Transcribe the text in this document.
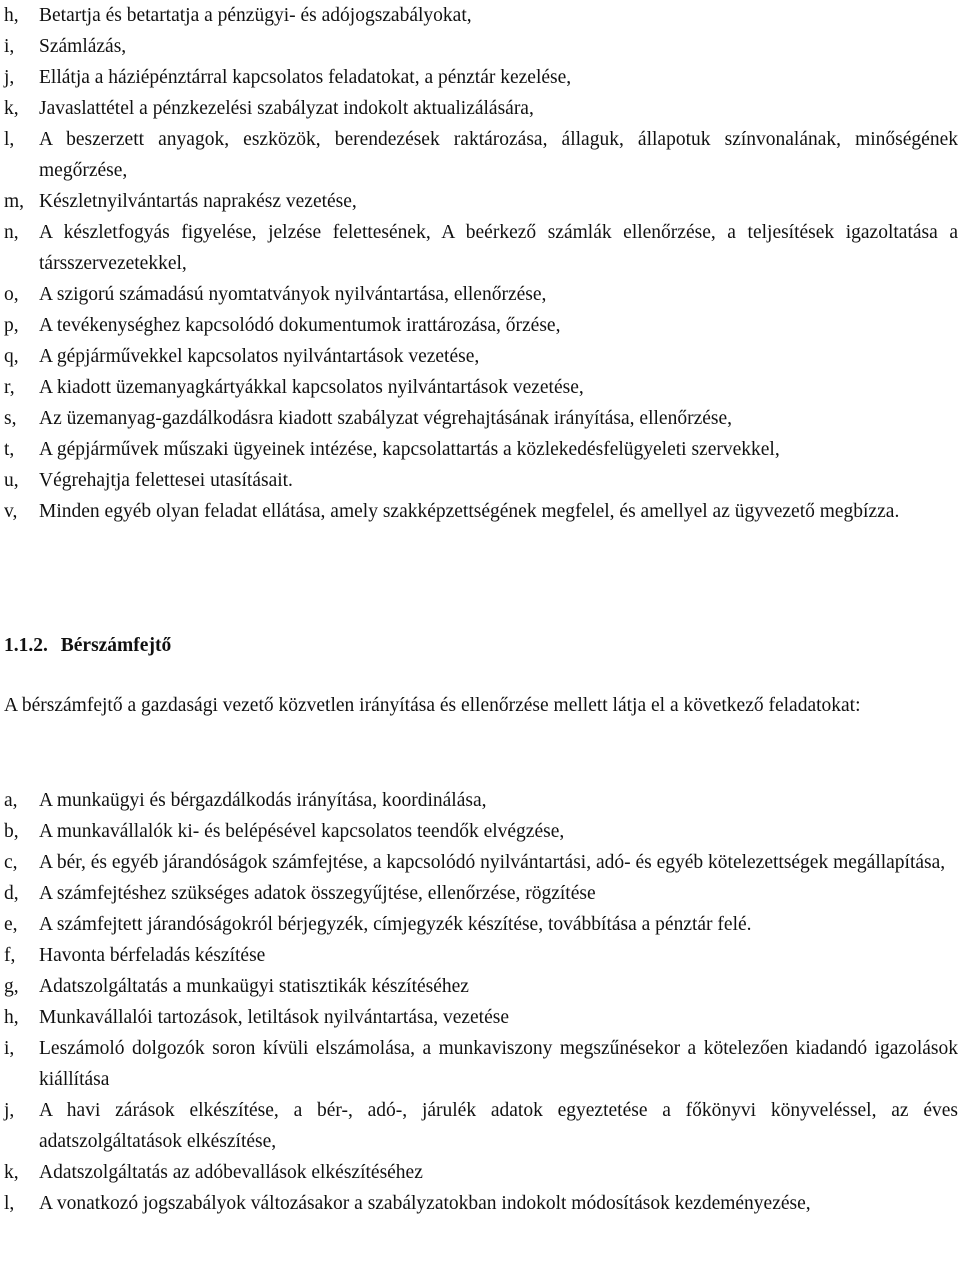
h,	Betartja és betartatja a pénzügyi- és adójogszabályokat,
i,	Számlázás,
j,	Ellátja a háziépénztárral kapcsolatos feladatokat, a pénztár kezelése,
k,	Javaslattétel a pénzkezelési szabályzat indokolt aktualizálására,
l,	A beszerzett anyagok, eszközök, berendezések raktározása, állaguk, állapotuk színvonalának, minőségének megőrzése,
m, Készletnyilvántartás naprakész vezetése,
n,	A készletfogyás figyelése, jelzése felettesének, A beérkező számlák ellenőrzése, a teljesítések igazoltatása a társszervezetekkel,
o,	A szigorú számadású nyomtatványok nyilvántartása, ellenőrzése,
p,	A tevékenységhez kapcsolódó dokumentumok irattározása, őrzése,
q,	A gépjárművekkel kapcsolatos nyilvántartások vezetése,
r,	A kiadott üzemanyagkártyákkal kapcsolatos nyilvántartások vezetése,
s,	Az üzemanyag-gazdálkodásra kiadott szabályzat végrehajtásának irányítása, ellenőrzése,
t,	A gépjárművek műszaki ügyeinek intézése, kapcsolattartás a közlekedésfelügyeleti szervekkel,
u,	Végrehajtja felettesei utasításait.
v,	Minden egyéb olyan feladat ellátása, amely szakképzettségének megfelel, és amellyel az ügyvezető megbízza.
1.1.2. Bérszámfejtő

A bérszámfejtő a gazdasági vezető közvetlen irányítása és ellenőrzése mellett látja el a következő feladatokat:

a,	A munkaügyi és bérgazdálkodás irányítása, koordinálása,
b,	A munkavállalók ki- és belépésével kapcsolatos teendők elvégzése,
c,	A bér, és egyéb járandóságok számfejtése, a kapcsolódó nyilvántartási, adó- és egyéb kötelezettségek megállapítása,
d,	A számfejtéshez szükséges adatok összegyűjtése, ellenőrzése, rögzítése
e,	A számfejtett járandóságokról bérjegyzék, címjegyzék készítése, továbbítása a pénztár felé.
f,	Havonta bérfeladás készítése
g,	Adatszolgáltatás a munkaügyi statisztikák készítéséhez
h,	Munkavállalói tartozások, letiltások nyilvántartása, vezetése
i,	Leszámoló dolgozók soron kívüli elszámolása, a munkaviszony megszűnésekor a kötelezően kiadandó igazolások kiállítása
j,	A havi zárások elkészítése, a bér-, adó-, járulék adatok egyeztetése a főkönyvi könyveléssel, az éves adatszolgáltatások elkészítése,
k,	Adatszolgáltatás az adóbevallások elkészítéséhez
l,	A vonatkozó jogszabályok változásakor a szabályzatokban indokolt módosítások kezdeményezése,
